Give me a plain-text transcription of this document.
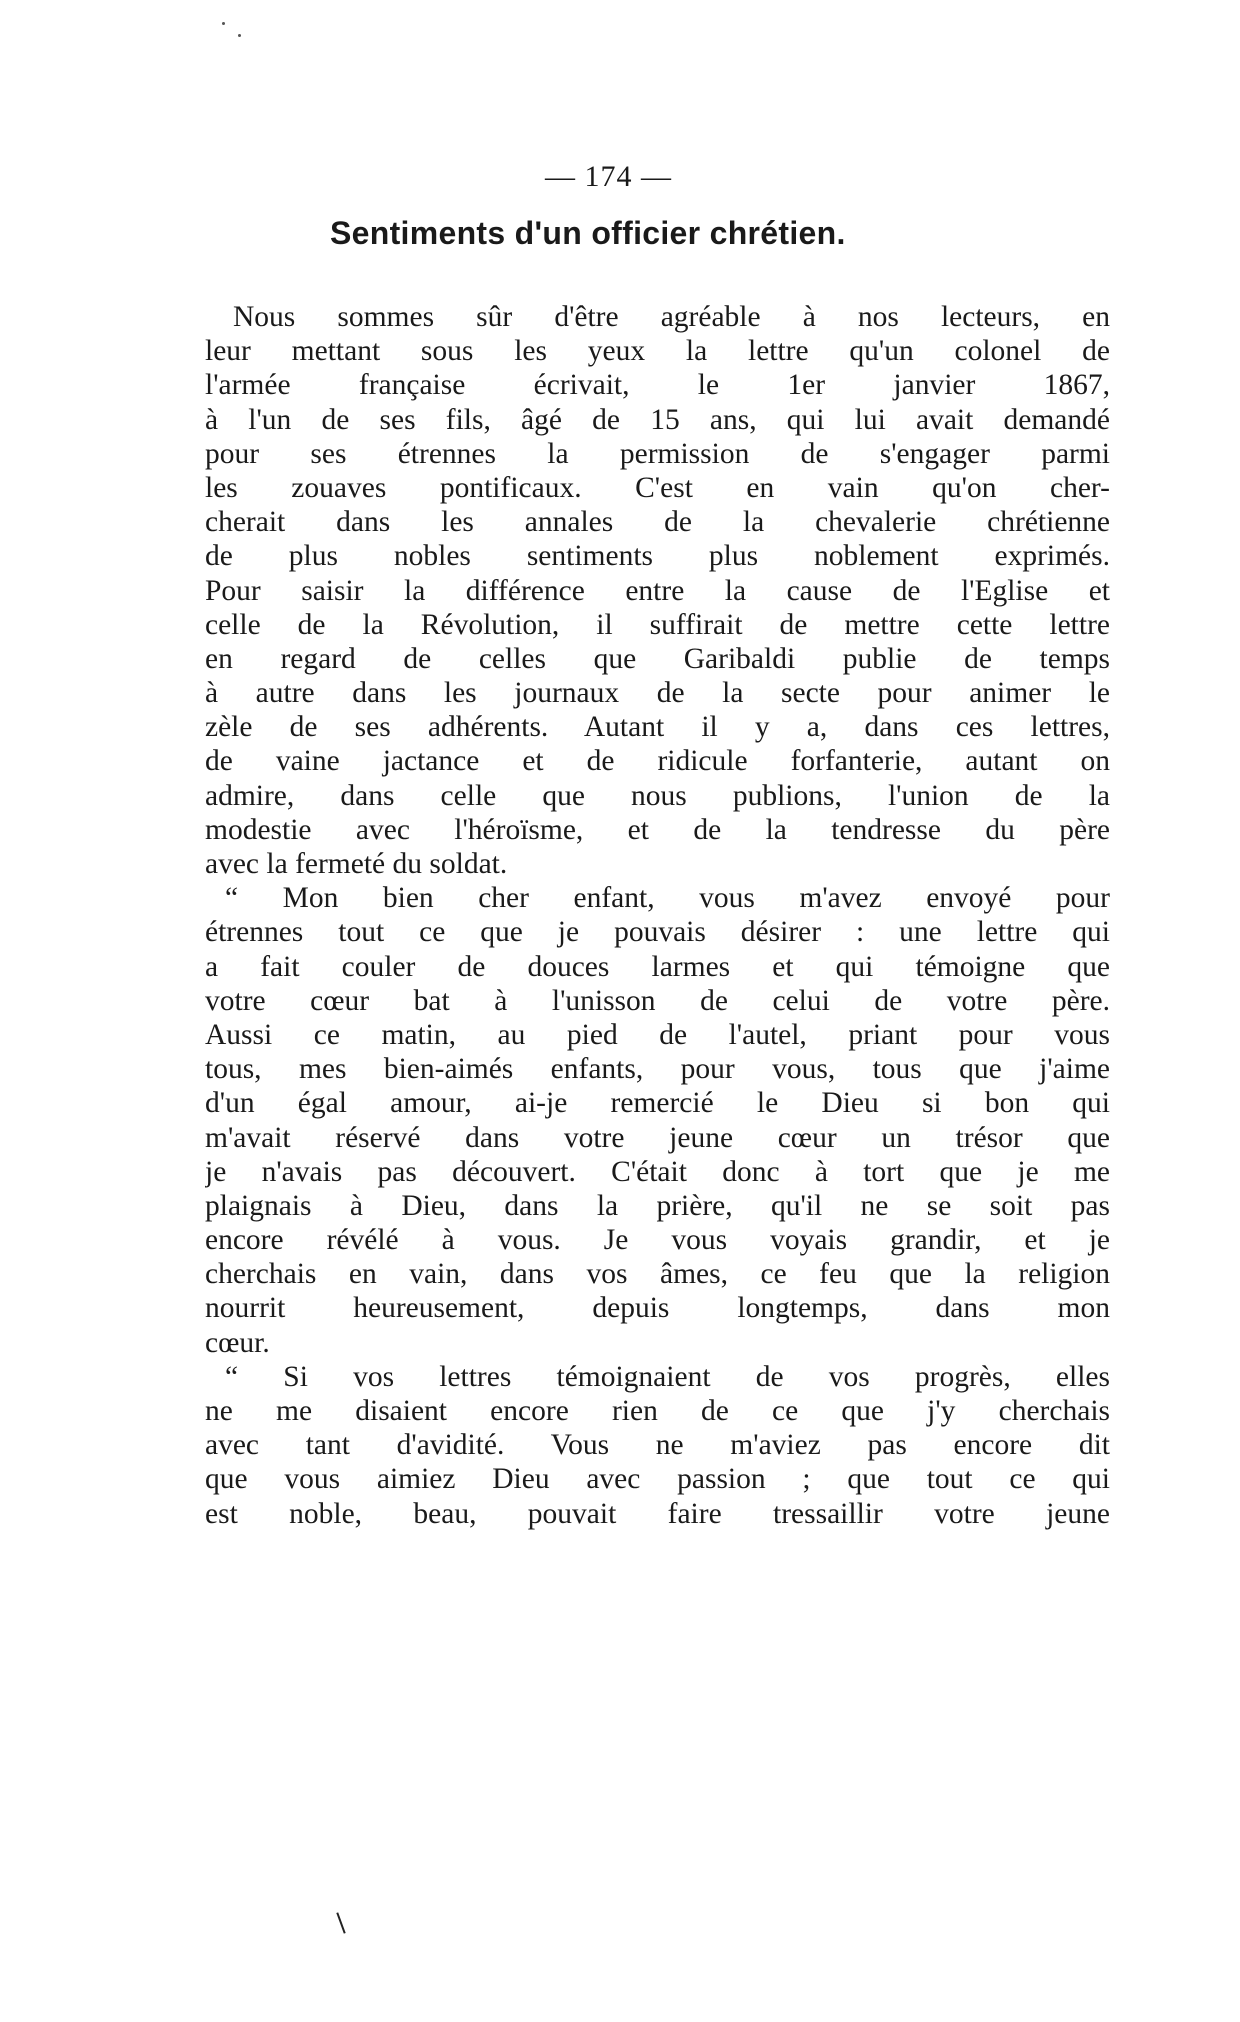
— 174 —
Sentiments d'un officier chrétien.
Nous sommes sûr d'être agréable à nos lecteurs, en
leur mettant sous les yeux la lettre qu'un colonel de
l'armée française écrivait, le 1er janvier 1867,
à l'un de ses fils, âgé de 15 ans, qui lui avait demandé
pour ses étrennes la permission de s'engager parmi
les zouaves pontificaux. C'est en vain qu'on cher-
cherait dans les annales de la chevalerie chrétienne
de plus nobles sentiments plus noblement exprimés.
Pour saisir la différence entre la cause de l'Eglise et
celle de la Révolution, il suffirait de mettre cette lettre
en regard de celles que Garibaldi publie de temps
à autre dans les journaux de la secte pour animer le
zèle de ses adhérents. Autant il y a, dans ces lettres,
de vaine jactance et de ridicule forfanterie, autant on
admire, dans celle que nous publions, l'union de la
modestie avec l'héroïsme, et de la tendresse du père
avec la fermeté du soldat.
“ Mon bien cher enfant, vous m'avez envoyé pour
étrennes tout ce que je pouvais désirer : une lettre qui
a fait couler de douces larmes et qui témoigne que
votre cœur bat à l'unisson de celui de votre père.
Aussi ce matin, au pied de l'autel, priant pour vous
tous, mes bien-aimés enfants, pour vous, tous que j'aime
d'un égal amour, ai-je remercié le Dieu si bon qui
m'avait réservé dans votre jeune cœur un trésor que
je n'avais pas découvert. C'était donc à tort que je me
plaignais à Dieu, dans la prière, qu'il ne se soit pas
encore révélé à vous. Je vous voyais grandir, et je
cherchais en vain, dans vos âmes, ce feu que la religion
nourrit heureusement, depuis longtemps, dans mon
cœur.
“ Si vos lettres témoignaient de vos progrès, elles
ne me disaient encore rien de ce que j'y cherchais
avec tant d'avidité. Vous ne m'aviez pas encore dit
que vous aimiez Dieu avec passion ; que tout ce qui
est noble, beau, pouvait faire tressaillir votre jeune
